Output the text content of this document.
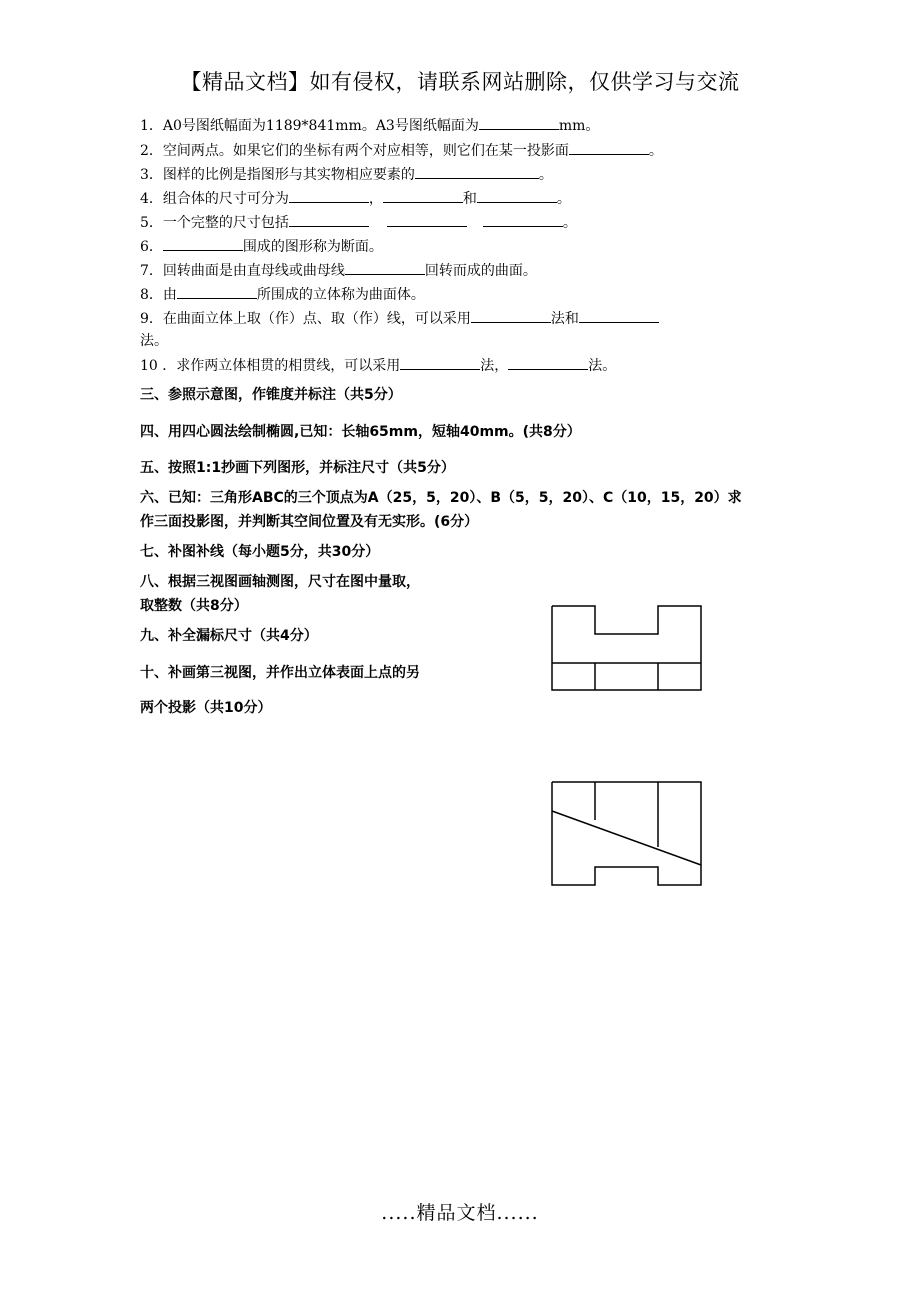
【精品文档】如有侵权，请联系网站删除，仅供学习与交流
1．A0号图纸幅面为1189*841mm。A3号图纸幅面为	mm。
2．空间两点。如果它们的坐标有两个对应相等，则它们在某一投影面	。
3．图样的比例是指图形与其实物相应要素的	。
4．组合体的尺寸可分为	，	和	。
5．一个完整的尺寸包括	。
6．	围成的图形称为断面。
7．回转曲面是由直母线或曲母线	回转而成的曲面。
8．由	所围成的立体称为曲面体。
9．在曲面立体上取（作）点、取（作）线，可以采用	法和
法。
10 ．求作两立体相贯的相贯线，可以采用	法，	法。
三、参照示意图，作锥度并标注（共5分）
四、用四心圆法绘制椭圆,已知：长轴65mm，短轴40mm。(共8分）
五、按照1:1抄画下列图形，并标注尺寸（共5分）
六、已知：三角形ABC的三个顶点为A（25，5，20）、B（5，5，20）、C（10，15，20）求
作三面投影图，并判断其空间位置及有无实形。(6分）
七、补图补线（每小题5分，共30分）
八、根据三视图画轴测图，尺寸在图中量取，
取整数（共8分）
九、补全漏标尺寸（共4分）
十、补画第三视图，并作出立体表面上点的另
两个投影（共10分）
.....精品文档......
